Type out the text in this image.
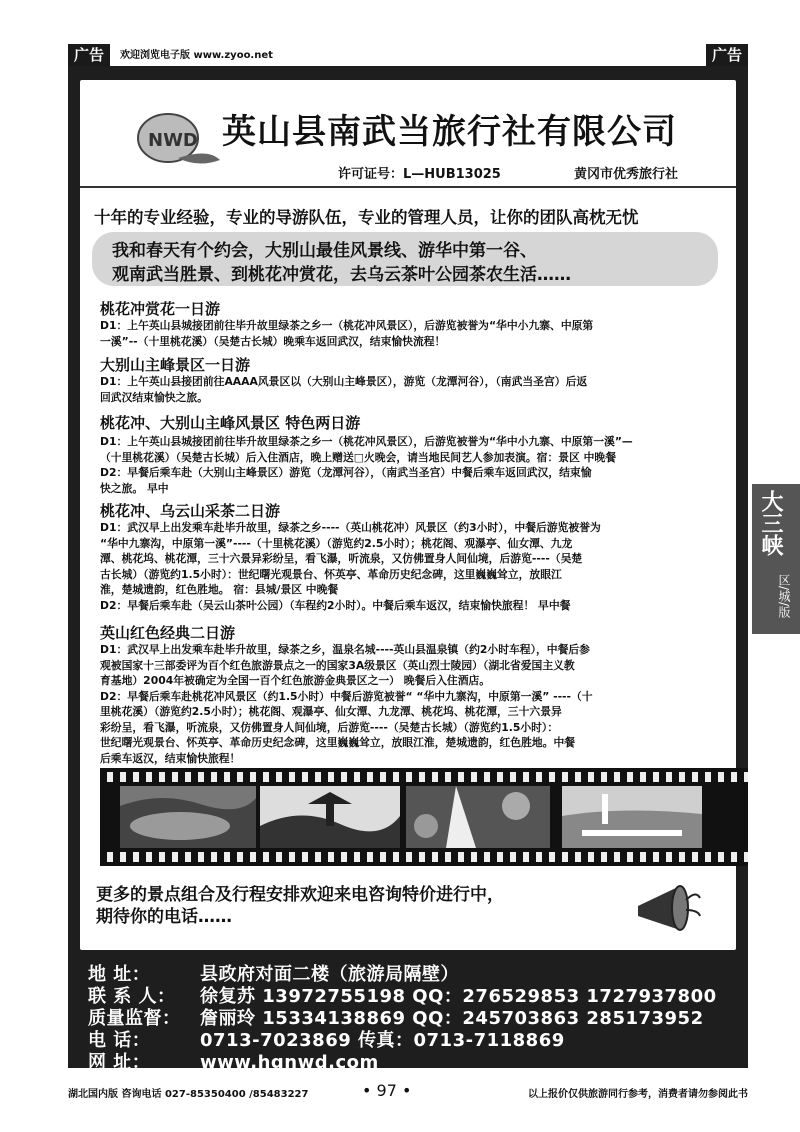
广告	欢迎浏览电子版 www.zyoo.net	广告
NWD 英山县南武当旅行社有限公司
许可证号：L—HUB13025	黄冈市优秀旅行社
十年的专业经验，专业的导游队伍，专业的管理人员，让你的团队高枕无忧
我和春天有个约会，大别山最佳风景线、游华中第一谷、
观南武当胜景、到桃花冲赏花，去乌云茶叶公园茶农生活……
桃花冲赏花一日游

D1：上午英山县城接团前往毕升故里绿茶之乡一（桃花冲风景区），后游览被誉为“华中小九寨、中原第

一溪”--（十里桃花溪）（吴楚古长城）晚乘车返回武汉，结束愉快流程！

大别山主峰景区一日游

D1：上午英山县接团前往AAAA风景区以（大别山主峰景区），游览（龙潭河谷），（南武当圣宫）后返

回武汉结束愉快之旅。

桃花冲、大别山主峰风景区 特色两日游

D1：上午英山县城接团前往毕升故里绿茶之乡一（桃花冲风景区），后游览被誉为“华中小九寨、中原第一溪”—

（十里桃花溪）（吴楚古长城）后入住酒店，晚上赠送□火晚会，请当地民间艺人参加表演。宿：景区 中晚餐

D2：早餐后乘车赴（大别山主峰景区）游览（龙潭河谷），（南武当圣宫）中餐后乘车返回武汉，结束愉

快之旅。 早中

桃花冲、乌云山采茶二日游

D1：武汉早上出发乘车赴毕升故里，绿茶之乡----（英山桃花冲）风景区（约3小时），中餐后游览被誉为

“华中九寨沟，中原第一溪”----（十里桃花溪）（游览约2.5小时）；桃花阁、观瀑亭、仙女潭、九龙

潭、桃花坞、桃花潭，三十六景异彩纷呈，看飞瀑，听流泉，又仿佛置身人间仙境，后游览----（吴楚

古长城）（游览约1.5小时）：世纪曙光观景台、怀英亭、革命历史纪念碑，这里巍巍耸立，放眼江

淮，楚城遗韵，红色胜地。 宿：县城/景区 中晚餐

D2：早餐后乘车赴（吴云山茶叶公园）（车程约2小时）。中餐后乘车返汉，结束愉快旅程！ 早中餐

英山红色经典二日游

D1：武汉早上出发乘车赴毕升故里，绿茶之乡，温泉名城----英山县温泉镇（约2小时车程），中餐后参

观被国家十三部委评为百个红色旅游景点之一的国家3A级景区（英山烈士陵园）（湖北省爱国主义教

育基地）2004年被确定为全国一百个红色旅游金典景区之一） 晚餐后入住酒店。

D2：早餐后乘车赴桃花冲风景区（约1.5小时）中餐后游览被誉“ “华中九寨沟，中原第一溪” ----（十

里桃花溪）（游览约2.5小时）；桃花阁、观瀑亭、仙女潭、九龙潭、桃花坞、桃花潭，三十六景异

彩纷呈，看飞瀑，听流泉，又仿佛置身人间仙境，后游览----（吴楚古长城）（游览约1.5小时）：

世纪曙光观景台、怀英亭、革命历史纪念碑，这里巍巍耸立，放眼江淮，楚城遗韵，红色胜地。中餐

后乘车返汉，结束愉快旅程！

大三峡
区/城/版
更多的景点组合及行程安排欢迎来电咨询特价进行中，
期待你的电话……
地 址：	县政府对面二楼（旅游局隔壁）
联 系 人： 徐复苏 13972755198 QQ：276529853 1727937800
质量监督： 詹丽玲 15334138869 QQ：245703863 285173952
电 话：	0713-7023869 传真：0713-7118869
网 址：	www.hgnwd.com
湖北国内版 咨询电话 027-85350400 /85483227	• 97 •	以上报价仅供旅游同行参考，消费者请勿参阅此书
